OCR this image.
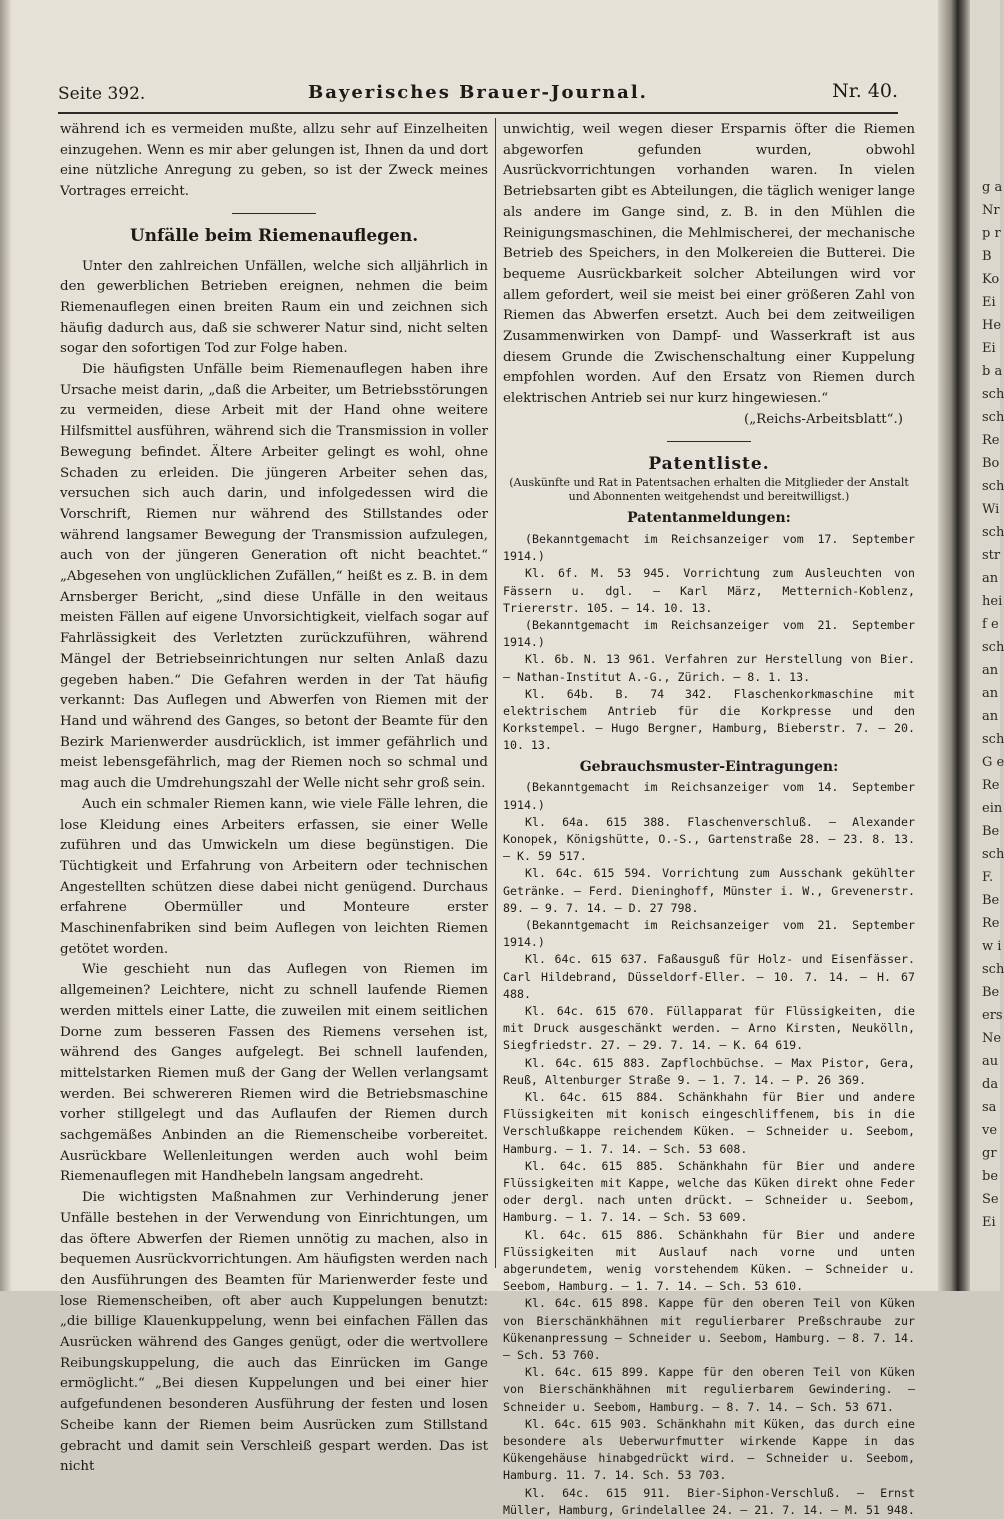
Seite 392.	Bayerisches Brauer-Journal.	Nr. 40.

während ich es vermeiden mußte, allzu sehr auf Einzelheiten einzugehen. Wenn es mir aber gelungen ist, Ihnen da und dort eine nützliche Anregung zu geben, so ist der Zweck meines Vortrages erreicht.

Unfälle beim Riemenauflegen.

Unter den zahlreichen Unfällen, welche sich alljährlich in den gewerblichen Betrieben ereignen, nehmen die beim Riemenauflegen einen breiten Raum ein und zeichnen sich häufig dadurch aus, daß sie schwerer Natur sind, nicht selten sogar den sofortigen Tod zur Folge haben.

Die häufigsten Unfälle beim Riemenauflegen haben ihre Ursache meist darin, „daß die Arbeiter, um Betriebsstörungen zu vermeiden, diese Arbeit mit der Hand ohne weitere Hilfsmittel ausführen, während sich die Transmission in voller Bewegung befindet. Ältere Arbeiter gelingt es wohl, ohne Schaden zu erleiden. Die jüngeren Arbeiter sehen das, versuchen sich auch darin, und infolgedessen wird die Vorschrift, Riemen nur während des Stillstandes oder während langsamer Bewegung der Transmission aufzulegen, auch von der jüngeren Generation oft nicht beachtet.“ „Abgesehen von unglücklichen Zufällen,“ heißt es z. B. in dem Arnsberger Bericht, „sind diese Unfälle in den weitaus meisten Fällen auf eigene Unvorsichtigkeit, vielfach sogar auf Fahrlässigkeit des Verletzten zurückzuführen, während Mängel der Betriebseinrichtungen nur selten Anlaß dazu gegeben haben.“ Die Gefahren werden in der Tat häufig verkannt: Das Auflegen und Abwerfen von Riemen mit der Hand und während des Ganges, so betont der Beamte für den Bezirk Marienwerder ausdrücklich, ist immer gefährlich und meist lebensgefährlich, mag der Riemen noch so schmal und mag auch die Umdrehungszahl der Welle nicht sehr groß sein.

Auch ein schmaler Riemen kann, wie viele Fälle lehren, die lose Kleidung eines Arbeiters erfassen, sie einer Welle zuführen und das Umwickeln um diese begünstigen. Die Tüchtigkeit und Erfahrung von Arbeitern oder technischen Angestellten schützen diese dabei nicht genügend. Durchaus erfahrene Obermüller und Monteure erster Maschinenfabriken sind beim Auflegen von leichten Riemen getötet worden.

Wie geschieht nun das Auflegen von Riemen im allgemeinen? Leichtere, nicht zu schnell laufende Riemen werden mittels einer Latte, die zuweilen mit einem seitlichen Dorne zum besseren Fassen des Riemens versehen ist, während des Ganges aufgelegt. Bei schnell laufenden, mittelstarken Riemen muß der Gang der Wellen verlangsamt werden. Bei schwereren Riemen wird die Betriebsmaschine vorher stillgelegt und das Auflaufen der Riemen durch sachgemäßes Anbinden an die Riemenscheibe vorbereitet. Ausrückbare Wellenleitungen werden auch wohl beim Riemenauflegen mit Handhebeln langsam angedreht.

Die wichtigsten Maßnahmen zur Verhinderung jener Unfälle bestehen in der Verwendung von Einrichtungen, um das öftere Abwerfen der Riemen unnötig zu machen, also in bequemen Ausrückvorrichtungen. Am häufigsten werden nach den Ausführungen des Beamten für Marienwerder feste und lose Riemenscheiben, oft aber auch Kuppelungen benutzt: „die billige Klauenkuppelung, wenn bei einfachen Fällen das Ausrücken während des Ganges genügt, oder die wertvollere Reibungskuppelung, die auch das Einrücken im Gange ermöglicht.“ „Bei diesen Kuppelungen und bei einer hier aufgefundenen besonderen Ausführung der festen und losen Scheibe kann der Riemen beim Ausrücken zum Stillstand gebracht und damit sein Verschleiß gespart werden. Das ist nicht

unwichtig, weil wegen dieser Ersparnis öfter die Riemen abgeworfen gefunden wurden, obwohl Ausrückvorrichtungen vorhanden waren. In vielen Betriebsarten gibt es Abteilungen, die täglich weniger lange als andere im Gange sind, z. B. in den Mühlen die Reinigungsmaschinen, die Mehlmischerei, der mechanische Betrieb des Speichers, in den Molkereien die Butterei. Die bequeme Ausrückbarkeit solcher Abteilungen wird vor allem gefordert, weil sie meist bei einer größeren Zahl von Riemen das Abwerfen ersetzt. Auch bei dem zeitweiligen Zusammenwirken von Dampf- und Wasserkraft ist aus diesem Grunde die Zwischenschaltung einer Kuppelung empfohlen worden. Auf den Ersatz von Riemen durch elektrischen Antrieb sei nur kurz hingewiesen.“

(„Reichs-Arbeitsblatt“.)

Patentliste.
(Auskünfte und Rat in Patentsachen erhalten die Mitglieder der Anstalt und Abonnenten weitgehendst und bereitwilligst.)
Patentanmeldungen:

(Bekanntgemacht im Reichsanzeiger vom 17. September 1914.)

Kl. 6f. M. 53 945. Vorrichtung zum Ausleuchten von Fässern u. dgl. — Karl März, Metternich-Koblenz, Triererstr. 105. — 14. 10. 13.

(Bekanntgemacht im Reichsanzeiger vom 21. September 1914.)

Kl. 6b. N. 13 961. Verfahren zur Herstellung von Bier. — Nathan-Institut A.-G., Zürich. — 8. 1. 13.

Kl. 64b. B. 74 342. Flaschenkorkmaschine mit elektrischem Antrieb für die Korkpresse und den Korkstempel. — Hugo Bergner, Hamburg, Bieberstr. 7. — 20. 10. 13.

Gebrauchsmuster-Eintragungen:

(Bekanntgemacht im Reichsanzeiger vom 14. September 1914.)

Kl. 64a. 615 388. Flaschenverschluß. — Alexander Konopek, Königshütte, O.-S., Gartenstraße 28. — 23. 8. 13. — K. 59 517.

Kl. 64c. 615 594. Vorrichtung zum Ausschank gekühlter Getränke. — Ferd. Dieninghoff, Münster i. W., Grevenerstr. 89. — 9. 7. 14. — D. 27 798.

(Bekanntgemacht im Reichsanzeiger vom 21. September 1914.)

Kl. 64c. 615 637. Faßausguß für Holz- und Eisenfässer. Carl Hildebrand, Düsseldorf-Eller. — 10. 7. 14. — H. 67 488.

Kl. 64c. 615 670. Füllapparat für Flüssigkeiten, die mit Druck ausgeschänkt werden. — Arno Kirsten, Neukölln, Siegfriedstr. 27. — 29. 7. 14. — K. 64 619.

Kl. 64c. 615 883. Zapflochbüchse. — Max Pistor, Gera, Reuß, Altenburger Straße 9. — 1. 7. 14. — P. 26 369.

Kl. 64c. 615 884. Schänkhahn für Bier und andere Flüssigkeiten mit konisch eingeschliffenem, bis in die Verschlußkappe reichendem Küken. — Schneider u. Seebom, Hamburg. — 1. 7. 14. — Sch. 53 608.

Kl. 64c. 615 885. Schänkhahn für Bier und andere Flüssigkeiten mit Kappe, welche das Küken direkt ohne Feder oder dergl. nach unten drückt. — Schneider u. Seebom, Hamburg. — 1. 7. 14. — Sch. 53 609.

Kl. 64c. 615 886. Schänkhahn für Bier und andere Flüssigkeiten mit Auslauf nach vorne und unten abgerundetem, wenig vorstehendem Küken. — Schneider u. Seebom, Hamburg. — 1. 7. 14. — Sch. 53 610.

Kl. 64c. 615 898. Kappe für den oberen Teil von Küken von Bierschänkhähnen mit regulierbarer Preßschraube zur Kükenanpressung — Schneider u. Seebom, Hamburg. — 8. 7. 14. — Sch. 53 760.

Kl. 64c. 615 899. Kappe für den oberen Teil von Küken von Bierschänkhähnen mit regulierbarem Gewindering. — Schneider u. Seebom, Hamburg. — 8. 7. 14. — Sch. 53 671.

Kl. 64c. 615 903. Schänkhahn mit Küken, das durch eine besondere als Ueberwurfmutter wirkende Kappe in das Kükengehäuse hinabgedrückt wird. — Schneider u. Seebom, Hamburg. 11. 7. 14. Sch. 53 703.

Kl. 64c. 615 911. Bier-Siphon-Verschluß. — Ernst Müller, Hamburg, Grindelallee 24. — 21. 7. 14. — M. 51 948.

g a
Nr
p r
B
Ko
Ei
He
Ei
b a
sch
sch
Re
Bo
sch
Wi
sch
str
an
hei
f e
sch
an
an
an
sch
G e
Re
ein
Be
sch
F.
Be
Re
w i
sch
Be
ers
Ne
au
da
sa
ve
gr
be
Se
Ei
